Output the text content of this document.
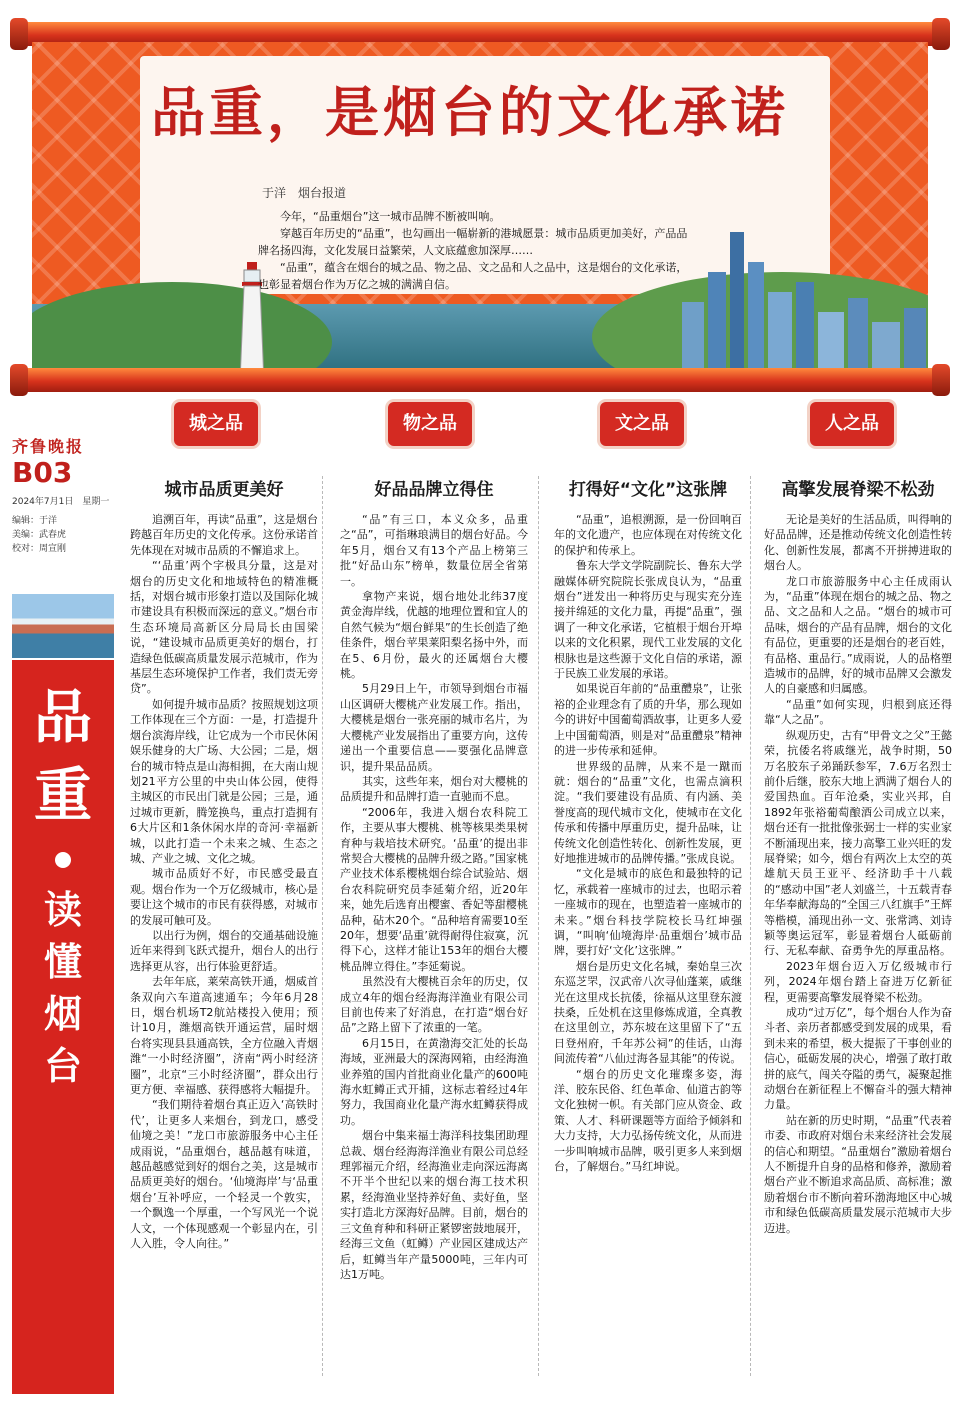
品重，是烟台的文化承诺
于洋　烟台报道

今年，“品重烟台”这一城市品牌不断被叫响。

穿越百年历史的“品重”，也勾画出一幅崭新的港城愿景：城市品质更加美好，产品品牌名扬四海，文化发展日益繁荣，人文底蕴愈加深厚……

“品重”，蕴含在烟台的城之品、物之品、文之品和人之品中，这是烟台的文化承诺，也彰显着烟台作为万亿之城的满满自信。

城之品	物之品	文之品	人之品
齐鲁晚报
B03
2024年7月1日　星期一
编辑：于洋
美编：武春虎
校对：周宣刚
品重
读懂烟台
城市品质更美好

追溯百年，再读“品重”，这是烟台跨越百年历史的文化传承。这份承诺首先体现在对城市品质的不懈追求上。

“‘品重’两个字极具分量，这是对烟台的历史文化和地域特色的精准概括，对烟台城市形象打造以及国际化城市建设具有积极而深远的意义。”烟台市生态环境局高新区分局局长由国梁说，“建设城市品质更美好的烟台，打造绿色低碳高质量发展示范城市，作为基层生态环境保护工作者，我们责无旁贷”。

如何提升城市品质？按照规划这项工作体现在三个方面：一是，打造提升烟台滨海岸线，让它成为一个市民休闲娱乐健身的大广场、大公园；二是，烟台的城市特点是山海相拥，在大南山规划21平方公里的中央山体公园，使得主城区的市民出门就是公园；三是，通过城市更新，腾笼换鸟，重点打造拥有6大片区和1条休闲水岸的奇河·幸福新城，以此打造一个未来之城、生态之城、产业之城、文化之城。

城市品质好不好，市民感受最直观。烟台作为一个万亿级城市，核心是要让这个城市的市民有获得感，对城市的发展可触可及。

以出行为例，烟台的交通基础设施近年来得到飞跃式提升，烟台人的出行选择更从容，出行体验更舒适。

去年年底，莱荣高铁开通，烟威首条双向六车道高速通车；今年6月28日，烟台机场T2航站楼投入使用；预计10月，潍烟高铁开通运营，届时烟台将实现县县通高铁，全方位融入青烟潍“一小时经济圈”，济南“两小时经济圈”，北京“三小时经济圈”，群众出行更方便、幸福感、获得感将大幅提升。

“我们期待着烟台真正迈入‘高铁时代’，让更多人来烟台，到龙口，感受仙境之美！”龙口市旅游服务中心主任成雨说，“品重烟台，越品越有味道，越品越感觉到好的烟台之美，这是城市品质更美好的烟台。‘仙境海岸’与‘品重烟台’互补呼应，一个轻灵一个敦实，一个飘逸一个厚重，一个写风光一个说人文，一个体现感观一个彰显内在，引人入胜，令人向往。”

好品品牌立得住

“品”有三口，本义众多，品重之“品”，可指琳琅满目的烟台好品。今年5月，烟台又有13个产品上榜第三批“好品山东”榜单，数量位居全省第一。

拿物产来说，烟台地处北纬37度黄金海岸线，优越的地理位置和宜人的自然气候为“烟台鲜果”的生长创造了绝佳条件，烟台苹果莱阳梨名扬中外，而在5、6月份，最火的还属烟台大樱桃。

5月29日上午，市领导到烟台市福山区调研大樱桃产业发展工作。指出，大樱桃是烟台一张亮丽的城市名片，为大樱桃产业发展指出了重要方向，这传递出一个重要信息——要强化品牌意识，提升果品品质。

其实，这些年来，烟台对大樱桃的品质提升和品牌打造一直驰而不息。

“2006年，我进入烟台农科院工作，主要从事大樱桃、桃等核果类果树育种与栽培技术研究。‘品重’的提出非常契合大樱桃的品牌升级之路。”国家桃产业技术体系樱桃烟台综合试验站、烟台农科院研究员李延菊介绍，近20年来，她先后选育出樱蜜、香妃等甜樱桃品种，砧木20个。“品种培育需要10至20年，想要‘品重’就得耐得住寂寞，沉得下心，这样才能让153年的烟台大樱桃品牌立得住。”李延菊说。

虽然没有大樱桃百余年的历史，仅成立4年的烟台经海海洋渔业有限公司目前也传来了好消息，在打造“烟台好品”之路上留下了浓重的一笔。

6月15日，在黄渤海交汇处的长岛海域，亚洲最大的深海网箱，由经海渔业养殖的国内首批商业化量产的600吨海水虹鳟正式开捕，这标志着经过4年努力，我国商业化量产海水虹鳟获得成功。

烟台中集来福士海洋科技集团助理总裁、烟台经海海洋渔业有限公司总经理郭福元介绍，经海渔业走向深远海离不开半个世纪以来的烟台海工技术积累，经海渔业坚持养好鱼、卖好鱼，坚实打造北方深海好品牌。目前，烟台的三文鱼育种和科研正紧锣密鼓地展开，经海三文鱼（虹鳟）产业园区建成达产后，虹鳟当年产量5000吨，三年内可达1万吨。

打得好“文化”这张牌

“品重”，追根溯源，是一份回响百年的文化遗产，也应体现在对传统文化的保护和传承上。

鲁东大学文学院副院长、鲁东大学融媒体研究院院长张成良认为，“品重烟台”迸发出一种将历史与现实充分连接并绵延的文化力量，再提“品重”，强调了一种文化承诺，它植根于烟台开埠以来的文化积累，现代工业发展的文化根脉也是这些源于文化自信的承诺，源于民族工业发展的承诺。

如果说百年前的“品重醴泉”，让张裕的企业理念有了质的升华，那么现如今的讲好中国葡萄酒故事，让更多人爱上中国葡萄酒，则是对“品重醴泉”精神的进一步传承和延伸。

世界级的品牌，从来不是一蹴而就：烟台的“品重”文化，也需点滴积淀。“我们要建设有品质、有内涵、美誉度高的现代城市文化，使城市在文化传承和传播中厚重历史，提升品味，让传统文化创造性转化、创新性发展，更好地推进城市的品牌传播。”张成良说。

“文化是城市的底色和最独特的记忆，承载着一座城市的过去，也昭示着一座城市的现在，也塑造着一座城市的未来。”烟台科技学院校长马红坤强调，“叫响‘仙境海岸·品重烟台’城市品牌，要打好‘文化’这张牌。”

烟台是历史文化名城，秦始皇三次东巡芝罘，汉武帝八次寻仙蓬莱，戚继光在这里戍长抗倭，徐福从这里登东渡扶桑，丘处机在这里修炼成道，全真教在这里创立，苏东坡在这里留下了“五日登州府，千年苏公祠”的佳话，山海间流传着“八仙过海各显其能”的传说。

“烟台的历史文化璀璨多姿，海洋、胶东民俗、红色革命、仙道古韵等文化独树一帜。有关部门应从资金、政策、人才、科研课题等方面给予倾斜和大力支持，大力弘扬传统文化，从而进一步叫响城市品牌，吸引更多人来到烟台，了解烟台。”马红坤说。

高擎发展脊梁不松劲

无论是美好的生活品质，叫得响的好品品牌，还是推动传统文化创造性转化、创新性发展，都离不开拼搏进取的烟台人。

龙口市旅游服务中心主任成雨认为，“品重”体现在烟台的城之品、物之品、文之品和人之品。“烟台的城市可品味，烟台的产品有品牌，烟台的文化有品位，更重要的还是烟台的老百姓，有品格、重品行。”成雨说，人的品格塑造城市的品牌，好的城市品牌又会激发人的自豪感和归属感。

“品重”如何实现，归根到底还得靠“人之品”。

纵观历史，古有“甲骨文之父”王懿荣，抗倭名将戚继光，战争时期，50万名胶东子弟踊跃参军，7.6万名烈士前仆后继，胶东大地上洒满了烟台人的爱国热血。百年沧桑，实业兴邦，自1892年张裕葡萄酿酒公司成立以来，烟台还有一批批像张弼士一样的实业家不断涌现出来，接力高擎工业兴旺的发展脊梁；如今，烟台有两次上太空的英雄航天员王亚平、经济助手十八载的“感动中国”老人刘盛兰，十五载青春年华奉献海岛的“全国三八红旗手”王辉等楷模，涌现出孙一文、张常鸿、刘诗颖等奥运冠军，彰显着烟台人砥砺前行、无私奉献、奋勇争先的厚重品格。

2023年烟台迈入万亿级城市行列，2024年烟台踏上奋进万亿新征程，更需要高擎发展脊梁不松劲。

成功“过万亿”，每个烟台人作为奋斗者、亲历者都感受到发展的成果，看到未来的希望，极大提振了干事创业的信心，砥砺发展的决心，增强了敢打敢拼的底气，闯关夺隘的勇气，凝聚起推动烟台在新征程上不懈奋斗的强大精神力量。

站在新的历史时期，“品重”代表着市委、市政府对烟台未来经济社会发展的信心和期望。“品重烟台”激励着烟台人不断提升自身的品格和修养，激励着烟台产业不断追求高品质、高标准；激励着烟台市不断向着环渤海地区中心城市和绿色低碳高质量发展示范城市大步迈进。
